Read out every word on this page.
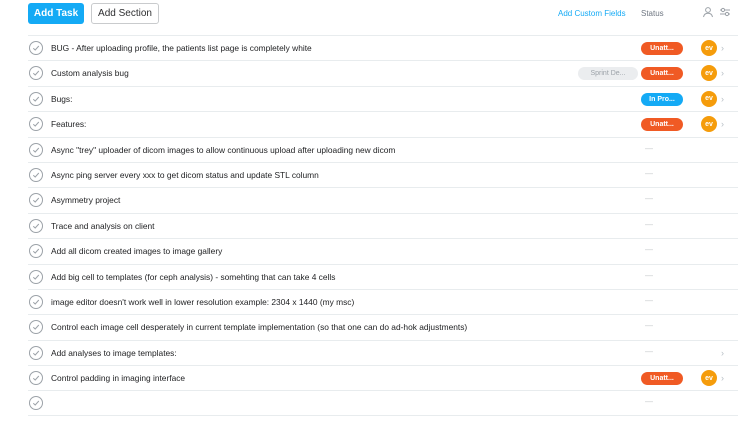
Add Task	Add Section	Add Custom Fields Status
BUG - After uploading profile, the patients list page is completely white	Unatt...	ev ›
Custom analysis bug	Sprint De...	Unatt...	ev ›
Bugs:	In Pro...	ev ›
Features:	Unatt...	ev ›
Async "trey" uploader of dicom images to allow continuous upload after uploading new dicom	—
Async ping server every xxx to get dicom status and update STL column	—
Asymmetry project	—
Trace and analysis on client	—
Add all dicom created images to image gallery	—
Add big cell to templates (for ceph analysis) - somehting that can take 4 cells	—
image editor doesn't work well in lower resolution example: 2304 x 1440 (my msc)	—
Control each image cell desperately in current template implementation (so that one can do ad-hok adjustments)	—
Add analyses to image templates:	—	›
Control padding in imaging interface	Unatt...	ev ›
—
